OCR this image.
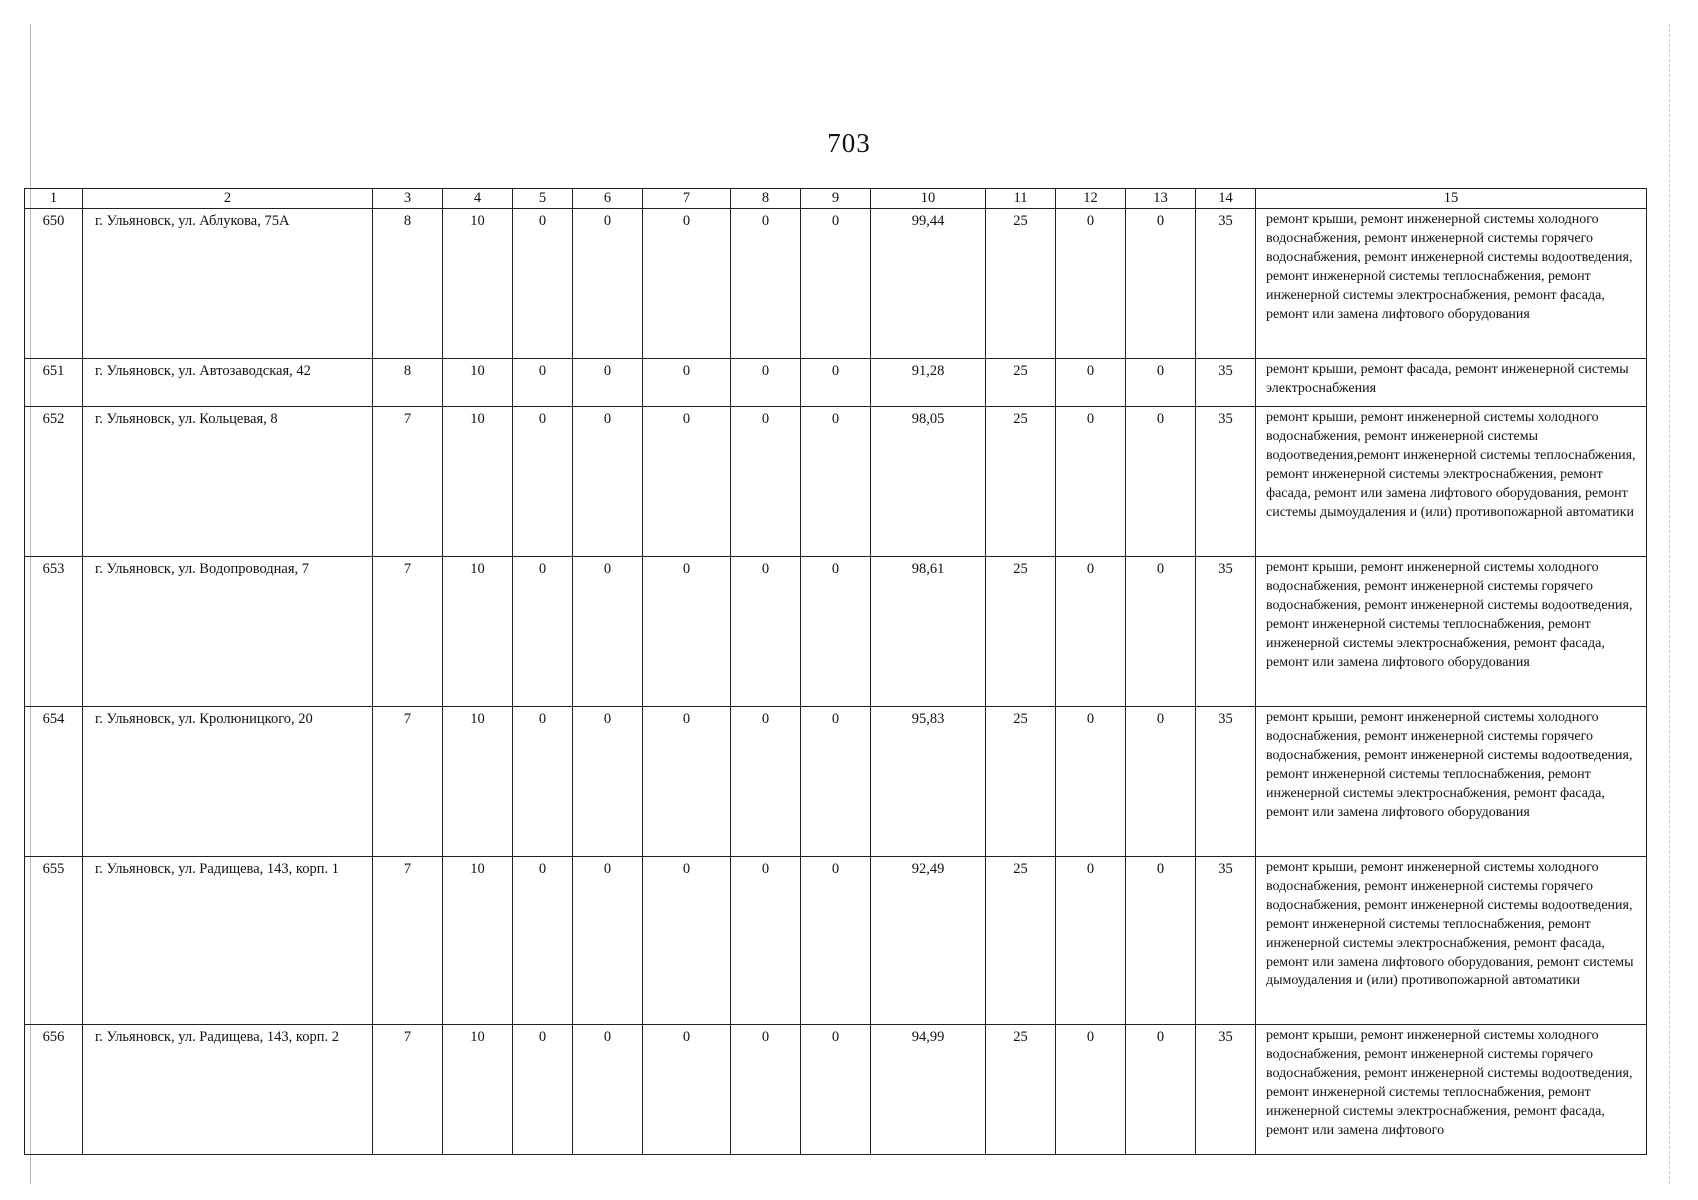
703
1	2	3	4	5	6	7	8	9	10	11	12	13	14	15
650	г. Ульяновск, ул. Аблукова, 75А	8	10	0	0	0	0	0	99,44	25	0	0	35	ремонт крыши, ремонт инженерной системы холодного водоснабжения, ремонт инженерной системы горячего водоснабжения, ремонт инженерной системы водоотведения, ремонт инженерной системы теплоснабжения, ремонт инженерной системы электроснабжения, ремонт фасада, ремонт или замена лифтового оборудования
651	г. Ульяновск, ул. Автозаводская, 42	8	10	0	0	0	0	0	91,28	25	0	0	35	ремонт крыши, ремонт фасада, ремонт инженерной системы электроснабжения
652	г. Ульяновск, ул. Кольцевая, 8	7	10	0	0	0	0	0	98,05	25	0	0	35	ремонт крыши, ремонт инженерной системы холодного водоснабжения, ремонт инженерной системы водоотведения,ремонт инженерной системы теплоснабжения, ремонт инженерной системы электроснабжения, ремонт фасада, ремонт или замена лифтового оборудования, ремонт системы дымоудаления и (или) противопожарной автоматики
653	г. Ульяновск, ул. Водопроводная, 7	7	10	0	0	0	0	0	98,61	25	0	0	35	ремонт крыши, ремонт инженерной системы холодного водоснабжения, ремонт инженерной системы горячего водоснабжения, ремонт инженерной системы водоотведения, ремонт инженерной системы теплоснабжения, ремонт инженерной системы электроснабжения, ремонт фасада, ремонт или замена лифтового оборудования
654	г. Ульяновск, ул. Кролюницкого, 20	7	10	0	0	0	0	0	95,83	25	0	0	35	ремонт крыши, ремонт инженерной системы холодного водоснабжения, ремонт инженерной системы горячего водоснабжения, ремонт инженерной системы водоотведения, ремонт инженерной системы теплоснабжения, ремонт инженерной системы электроснабжения, ремонт фасада, ремонт или замена лифтового оборудования
655	г. Ульяновск, ул. Радищева, 143, корп. 1	7	10	0	0	0	0	0	92,49	25	0	0	35	ремонт крыши, ремонт инженерной системы холодного водоснабжения, ремонт инженерной системы горячего водоснабжения, ремонт инженерной системы водоотведения, ремонт инженерной системы теплоснабжения, ремонт инженерной системы электроснабжения, ремонт фасада, ремонт или замена лифтового оборудования, ремонт системы дымоудаления и (или) противопожарной автоматики
656	г. Ульяновск, ул. Радищева, 143, корп. 2	7	10	0	0	0	0	0	94,99	25	0	0	35	ремонт крыши, ремонт инженерной системы холодного водоснабжения, ремонт инженерной системы горячего водоснабжения, ремонт инженерной системы водоотведения, ремонт инженерной системы теплоснабжения, ремонт инженерной системы электроснабжения, ремонт фасада, ремонт или замена лифтового
